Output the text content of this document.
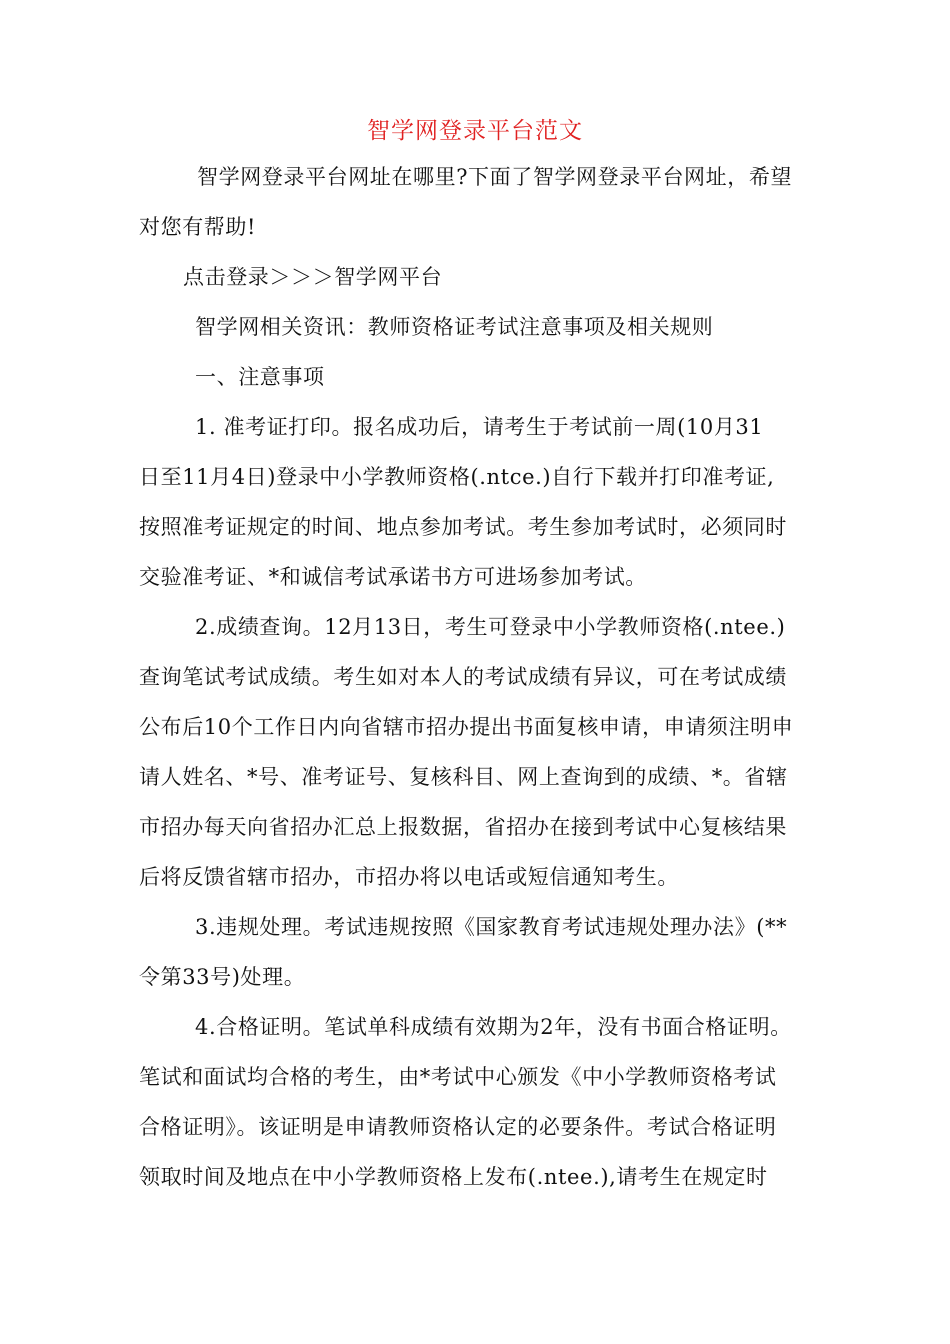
智学网登录平台范文
智学网登录平台网址在哪里?下面了智学网登录平台网址，希望
对您有帮助!
点击登录＞＞＞智学网平台
智学网相关资讯：教师资格证考试注意事项及相关规则
一、注意事项
1. 准考证打印。报名成功后，请考生于考试前一周(10月31
日至11月4日)登录中小学教师资格(.ntce.)自行下载并打印准考证,
按照准考证规定的时间、地点参加考试。考生参加考试时，必须同时
交验准考证、*和诚信考试承诺书方可进场参加考试。
2.成绩查询。12月13日，考生可登录中小学教师资格(.ntee.)
查询笔试考试成绩。考生如对本人的考试成绩有异议，可在考试成绩
公布后10个工作日内向省辖市招办提出书面复核申请，申请须注明申
请人姓名、*号、准考证号、复核科目、网上查询到的成绩、*。省辖
市招办每天向省招办汇总上报数据，省招办在接到考试中心复核结果
后将反馈省辖市招办，市招办将以电话或短信通知考生。
3.违规处理。考试违规按照《国家教育考试违规处理办法》(**
令第33号)处理。
4.合格证明。笔试单科成绩有效期为2年，没有书面合格证明。
笔试和面试均合格的考生，由*考试中心颁发《中小学教师资格考试
合格证明》。该证明是申请教师资格认定的必要条件。考试合格证明
领取时间及地点在中小学教师资格上发布(.ntee.),请考生在规定时
